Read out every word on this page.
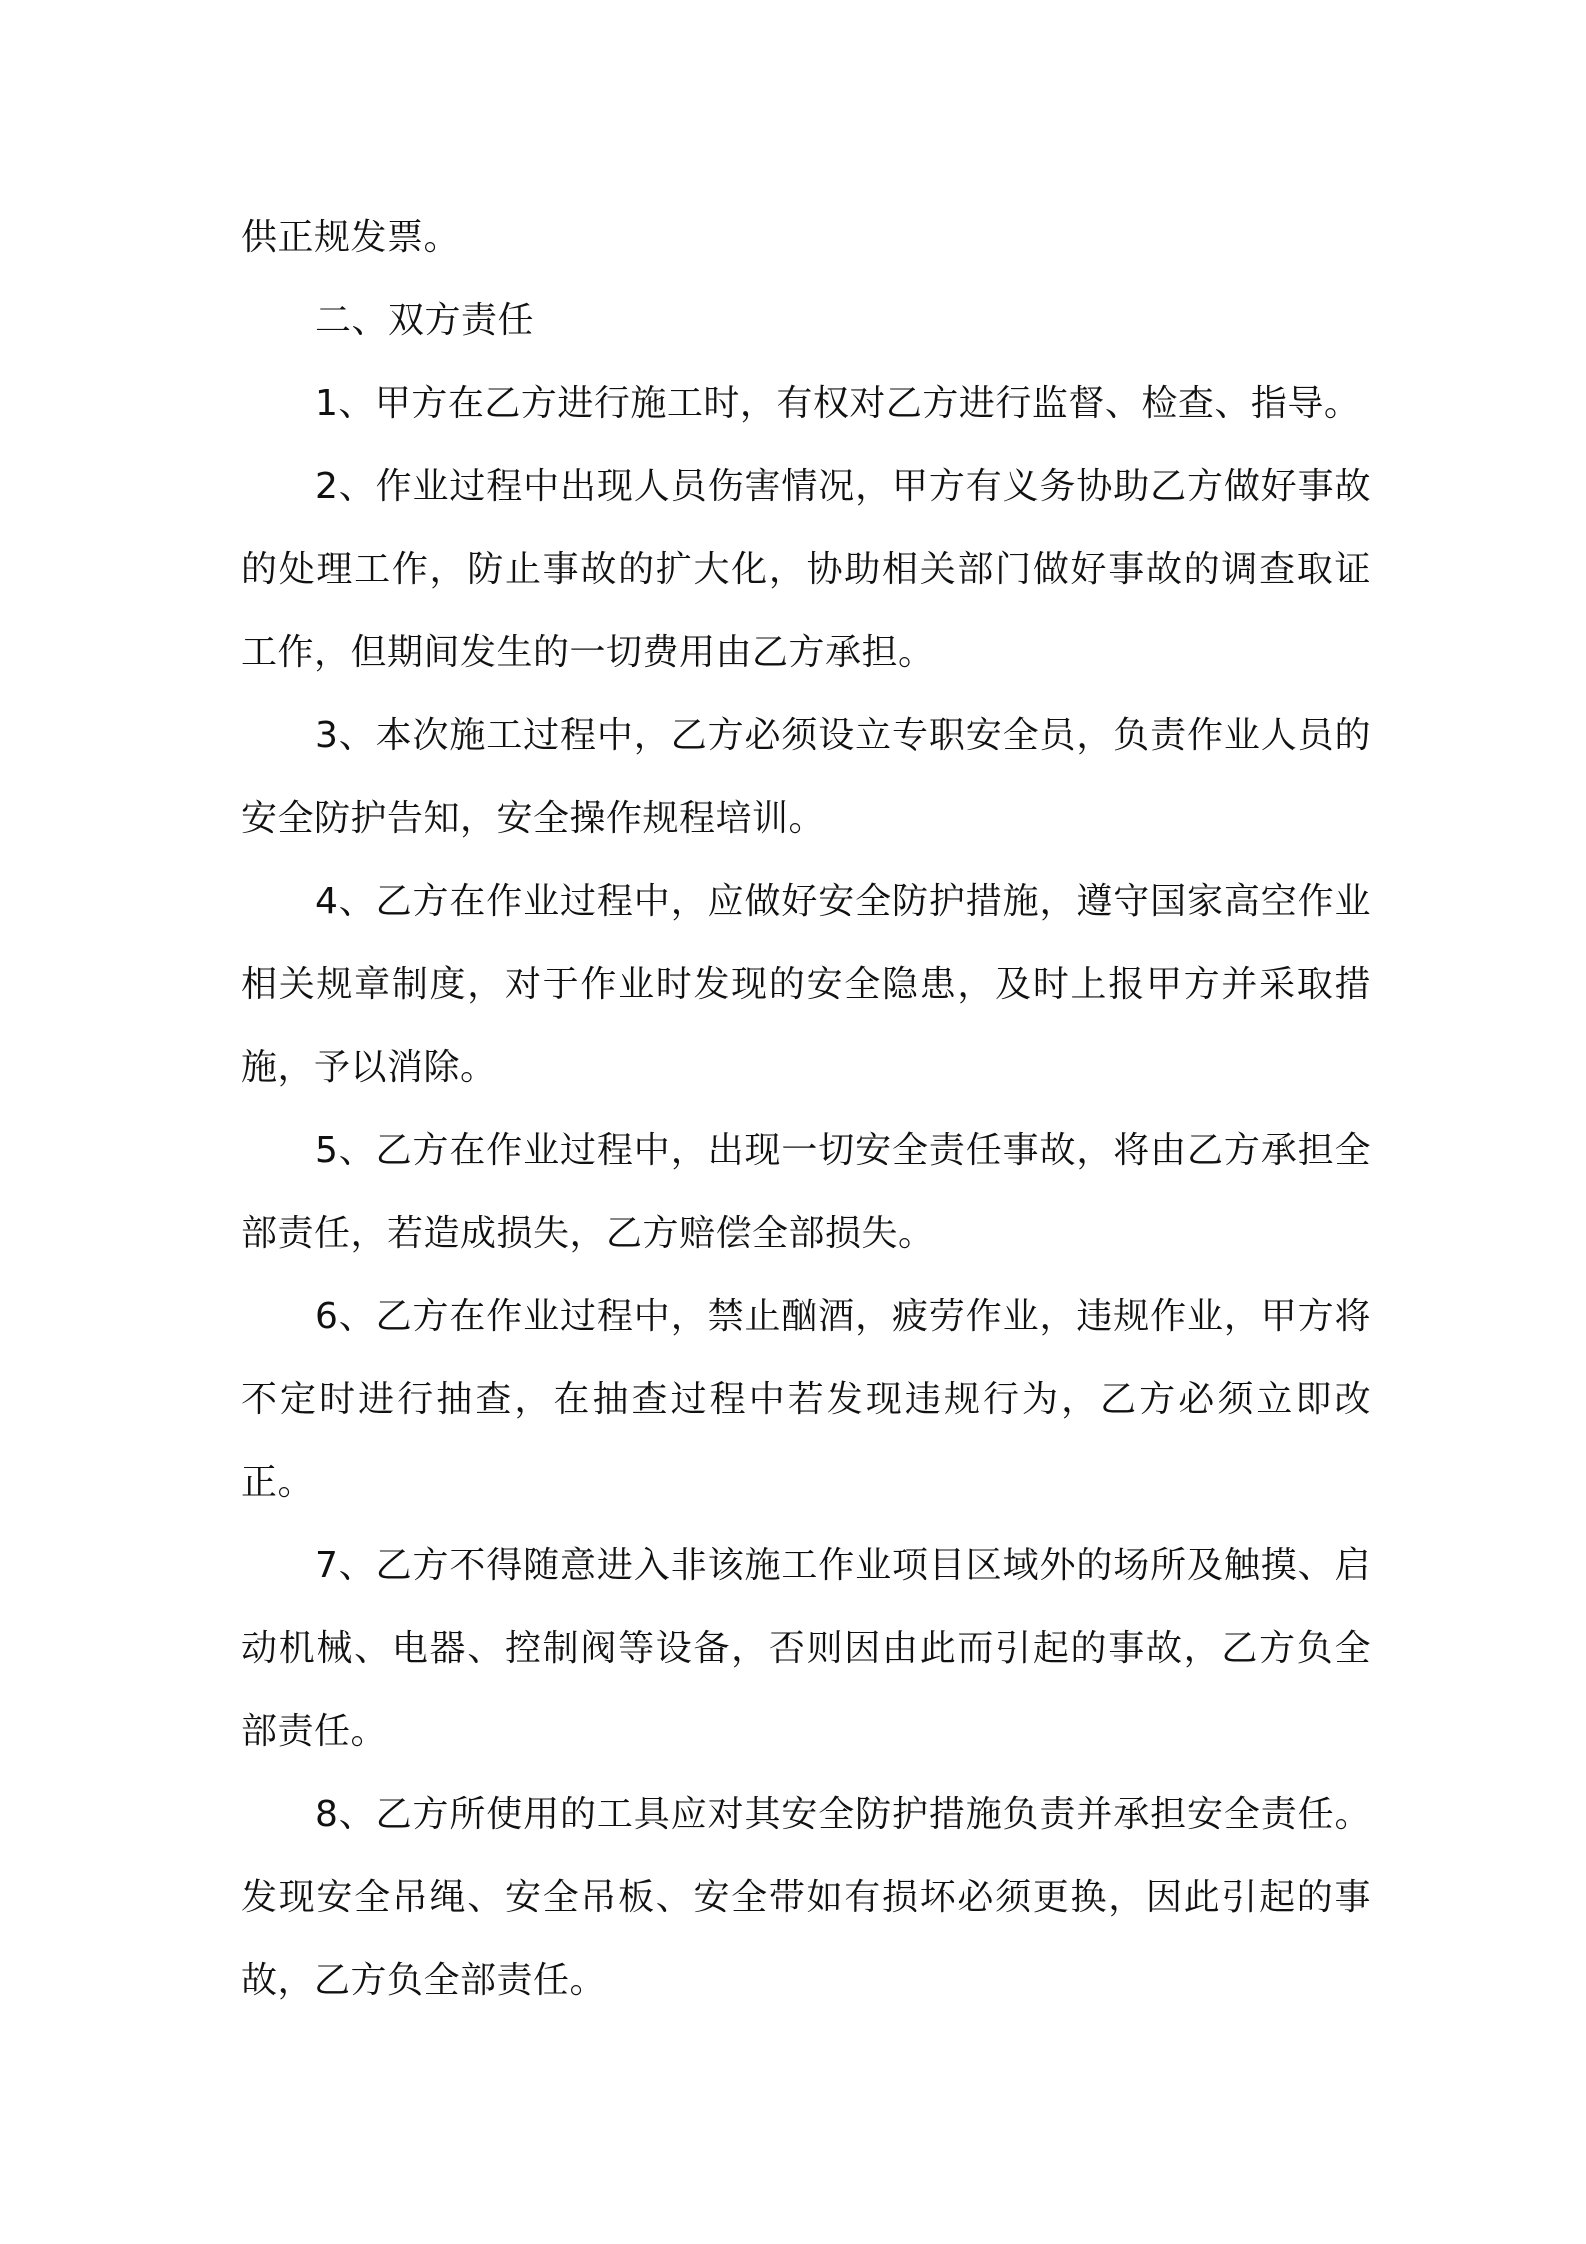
供正规发票。

二、双方责任

1、甲方在乙方进行施工时，有权对乙方进行监督、检查、指导。

2、作业过程中出现人员伤害情况，甲方有义务协助乙方做好事故的处理工作，防止事故的扩大化，协助相关部门做好事故的调查取证工作，但期间发生的一切费用由乙方承担。

3、本次施工过程中，乙方必须设立专职安全员，负责作业人员的安全防护告知，安全操作规程培训。

4、乙方在作业过程中，应做好安全防护措施，遵守国家高空作业相关规章制度，对于作业时发现的安全隐患，及时上报甲方并采取措施，予以消除。

5、乙方在作业过程中，出现一切安全责任事故，将由乙方承担全部责任，若造成损失，乙方赔偿全部损失。

6、乙方在作业过程中，禁止酗酒，疲劳作业，违规作业，甲方将不定时进行抽查，在抽查过程中若发现违规行为，乙方必须立即改正。

7、乙方不得随意进入非该施工作业项目区域外的场所及触摸、启动机械、电器、控制阀等设备，否则因由此而引起的事故，乙方负全部责任。

8、乙方所使用的工具应对其安全防护措施负责并承担安全责任。发现安全吊绳、安全吊板、安全带如有损坏必须更换，因此引起的事故，乙方负全部责任。
